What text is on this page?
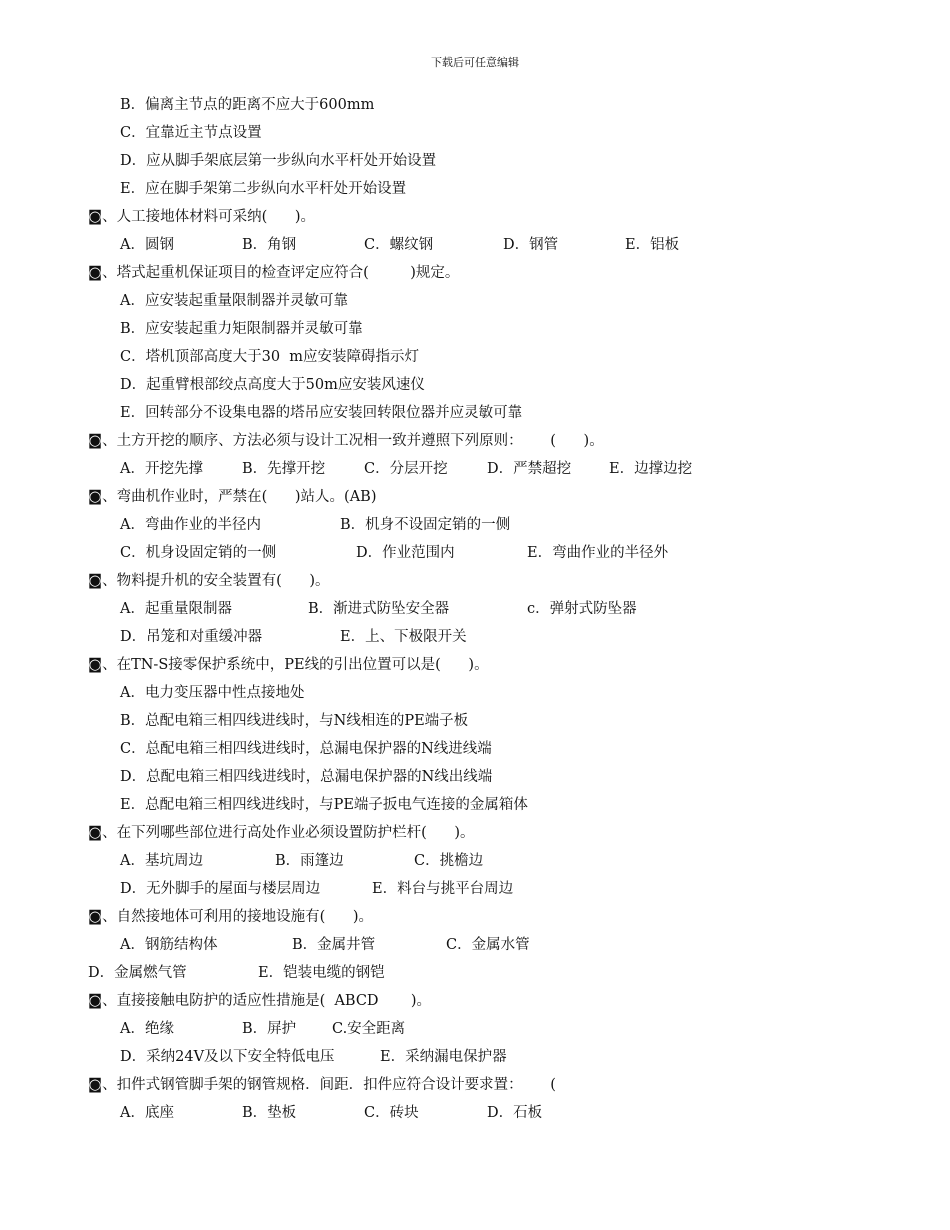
下载后可任意编辑
B．偏离主节点的距离不应大于600mm
C．宜靠近主节点设置
D．应从脚手架底层第一步纵向水平杆处开始设置
E．应在脚手架第二步纵向水平杆处开始设置
◙、人工接地体材料可采纳(      )。
A．圆钢	B．角钢	C．螺纹钢	D．钢管	E．铝板
◙、塔式起重机保证项目的检查评定应符合(         )规定。
A．应安装起重量限制器并灵敏可靠
B．应安装起重力矩限制器并灵敏可靠
C．塔机顶部高度大于30  m应安装障碍指示灯
D．起重臂根部绞点高度大于50m应安装风速仪
E．回转部分不设集电器的塔吊应安装回转限位器并应灵敏可靠
◙、土方开挖的顺序、方法必须与设计工况相一致并遵照下列原则：      (      )。
A．开挖先撑	B．先撑开挖	C．分层开挖	D．严禁超挖	E．边撑边挖
◙、弯曲机作业时，严禁在(      )站人。(AB)
A．弯曲作业的半径内	B．机身不设固定销的一侧
C．机身设固定销的一侧	D．作业范围内	E．弯曲作业的半径外
◙、物料提升机的安全装置有(      )。
A．起重量限制器	B．渐进式防坠安全器	c．弹射式防坠器
D．吊笼和对重缓冲器	E．上、下极限开关
◙、在TN-S接零保护系统中，PE线的引出位置可以是(      )。
A．电力变压器中性点接地处
B．总配电箱三相四线进线时，与N线相连的PE端子板
C．总配电箱三相四线进线时，总漏电保护器的N线进线端
D．总配电箱三相四线进线时，总漏电保护器的N线出线端
E．总配电箱三相四线进线时，与PE端子扳电气连接的金属箱体
◙、在下列哪些部位进行高处作业必须设置防护栏杆(      )。
A．基坑周边	B．雨篷边	C．挑檐边
D．无外脚手的屋面与楼层周边	E．料台与挑平台周边
◙、自然接地体可利用的接地设施有(      )。
A．钢筋结构体	B．金属井管	C．金属水管
D．金属燃气管	E．铠装电缆的钢铠
◙、直接接触电防护的适应性措施是(  ABCD       )。
A．绝缘	B．屏护 C.安全距离
D．采纳24V及以下安全特低电压	E．采纳漏电保护器
◙、扣件式钢管脚手架的钢管规格．间距．扣件应符合设计要求置：      (
A．底座	B．垫板	C．砖块	D．石板
